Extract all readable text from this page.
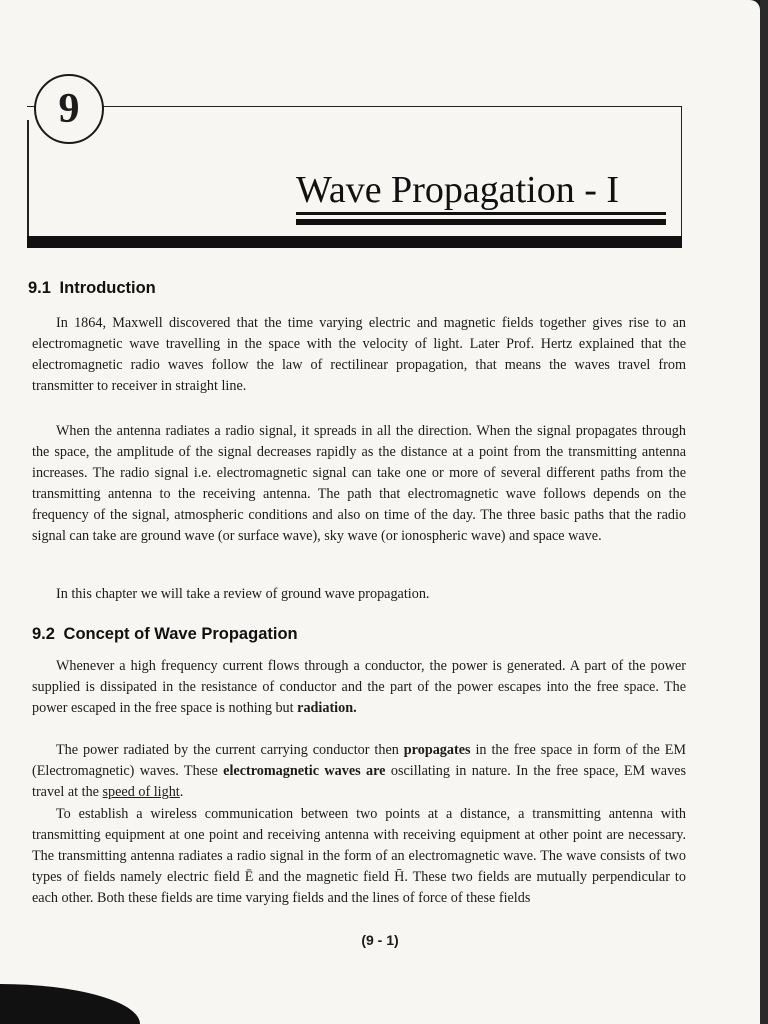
9
Wave Propagation - I
9.1 Introduction

In 1864, Maxwell discovered that the time varying electric and magnetic fields together gives rise to an electromagnetic wave travelling in the space with the velocity of light. Later Prof. Hertz explained that the electromagnetic radio waves follow the law of rectilinear propagation, that means the waves travel from transmitter to receiver in straight line.

When the antenna radiates a radio signal, it spreads in all the direction. When the signal propagates through the space, the amplitude of the signal decreases rapidly as the distance at a point from the transmitting antenna increases. The radio signal i.e. electromagnetic signal can take one or more of several different paths from the transmitting antenna to the receiving antenna. The path that electromagnetic wave follows depends on the frequency of the signal, atmospheric conditions and also on time of the day. The three basic paths that the radio signal can take are ground wave (or surface wave), sky wave (or ionospheric wave) and space wave.

In this chapter we will take a review of ground wave propagation.

9.2 Concept of Wave Propagation

Whenever a high frequency current flows through a conductor, the power is generated. A part of the power supplied is dissipated in the resistance of conductor and the part of the power escapes into the free space. The power escaped in the free space is nothing but radiation.

The power radiated by the current carrying conductor then propagates in the free space in form of the EM (Electromagnetic) waves. These electromagnetic waves are oscillating in nature. In the free space, EM waves travel at the speed of light.

To establish a wireless communication between two points at a distance, a transmitting antenna with transmitting equipment at one point and receiving antenna with receiving equipment at other point are necessary. The transmitting antenna radiates a radio signal in the form of an electromagnetic wave. The wave consists of two types of fields namely electric field Ē and the magnetic field H̄. These two fields are mutually perpendicular to each other. Both these fields are time varying fields and the lines of force of these fields

(9 - 1)
